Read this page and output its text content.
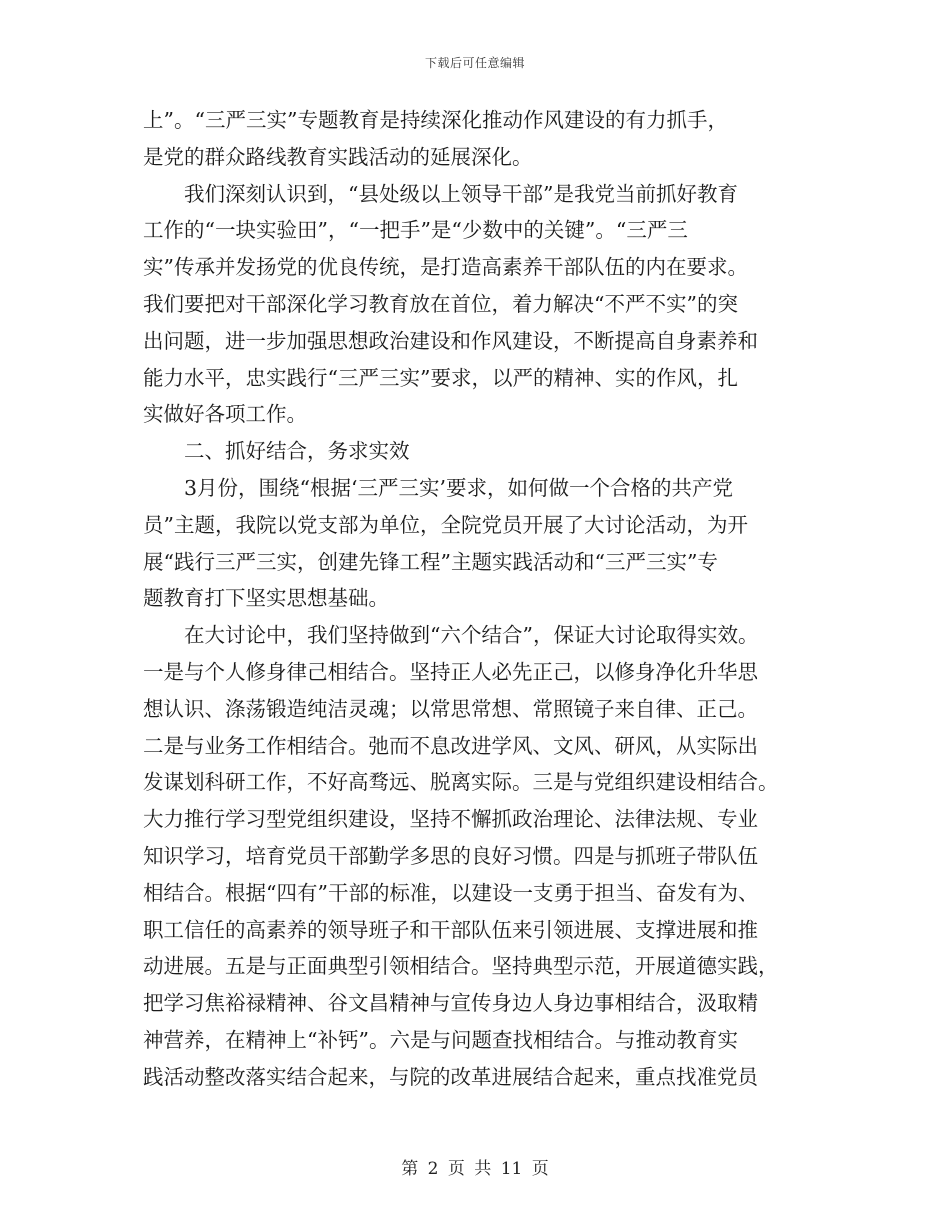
下载后可任意编辑
上”。“三严三实”专题教育是持续深化推动作风建设的有力抓手，
是党的群众路线教育实践活动的延展深化。
　　我们深刻认识到，“县处级以上领导干部”是我党当前抓好教育
工作的“一块实验田”，“一把手”是“少数中的关键”。“三严三
实”传承并发扬党的优良传统，是打造高素养干部队伍的内在要求。
我们要把对干部深化学习教育放在首位，着力解决“不严不实”的突
出问题，进一步加强思想政治建设和作风建设，不断提高自身素养和
能力水平，忠实践行“三严三实”要求，以严的精神、实的作风，扎
实做好各项工作。
　　二、抓好结合，务求实效
　　3月份，围绕“根据‘三严三实’要求，如何做一个合格的共产党
员”主题，我院以党支部为单位，全院党员开展了大讨论活动，为开
展“践行三严三实，创建先锋工程”主题实践活动和“三严三实”专
题教育打下坚实思想基础。
　　在大讨论中，我们坚持做到“六个结合”，保证大讨论取得实效。
一是与个人修身律己相结合。坚持正人必先正己，以修身净化升华思
想认识、涤荡锻造纯洁灵魂；以常思常想、常照镜子来自律、正己。
二是与业务工作相结合。弛而不息改进学风、文风、研风，从实际出
发谋划科研工作，不好高骛远、脱离实际。三是与党组织建设相结合。
大力推行学习型党组织建设，坚持不懈抓政治理论、法律法规、专业
知识学习，培育党员干部勤学多思的良好习惯。四是与抓班子带队伍
相结合。根据“四有”干部的标准，以建设一支勇于担当、奋发有为、
职工信任的高素养的领导班子和干部队伍来引领进展、支撑进展和推
动进展。五是与正面典型引领相结合。坚持典型示范，开展道德实践，
把学习焦裕禄精神、谷文昌精神与宣传身边人身边事相结合，汲取精
神营养，在精神上“补钙”。六是与问题查找相结合。与推动教育实
践活动整改落实结合起来，与院的改革进展结合起来，重点找准党员
第 2 页 共 11 页
